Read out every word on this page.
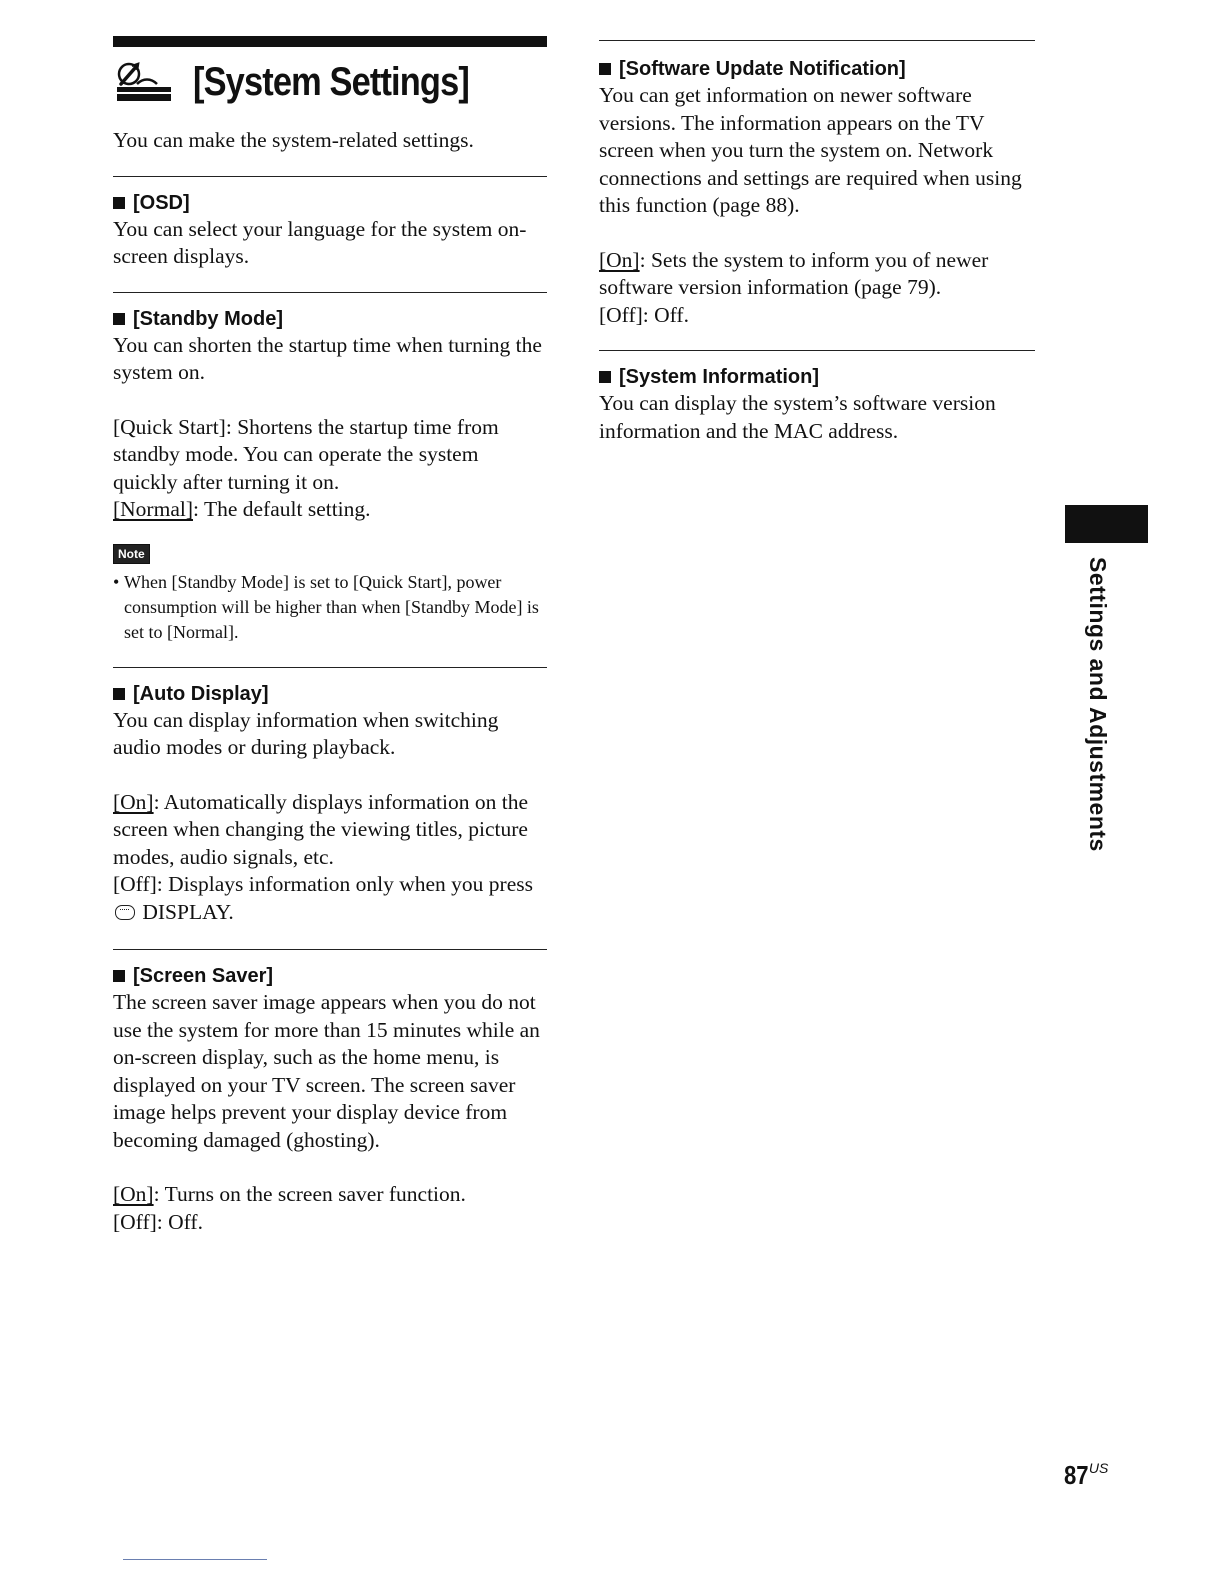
[System Settings]

You can make the system-related settings.

[OSD]

You can select your language for the system on-screen displays.

[Standby Mode]

You can shorten the startup time when turning the system on.

[Quick Start]: Shortens the startup time from standby mode. You can operate the system quickly after turning it on.

[Normal]: The default setting.

Note
• When [Standby Mode] is set to [Quick Start], power consumption will be higher than when [Standby Mode] is set to [Normal].
[Auto Display]

You can display information when switching audio modes or during playback.

[On]: Automatically displays information on the screen when changing the viewing titles, picture modes, audio signals, etc.

[Off]: Displays information only when you press  DISPLAY.

[Screen Saver]

The screen saver image appears when you do not use the system for more than 15 minutes while an on-screen display, such as the home menu, is displayed on your TV screen. The screen saver image helps prevent your display device from becoming damaged (ghosting).

[On]: Turns on the screen saver function.

[Off]: Off.

[Software Update Notification]

You can get information on newer software versions. The information appears on the TV screen when you turn the system on. Network connections and settings are required when using this function (page 88).

[On]: Sets the system to inform you of newer software version information (page 79).

[Off]: Off.

[System Information]

You can display the system’s software version information and the MAC address.

Settings and Adjustments
87US
